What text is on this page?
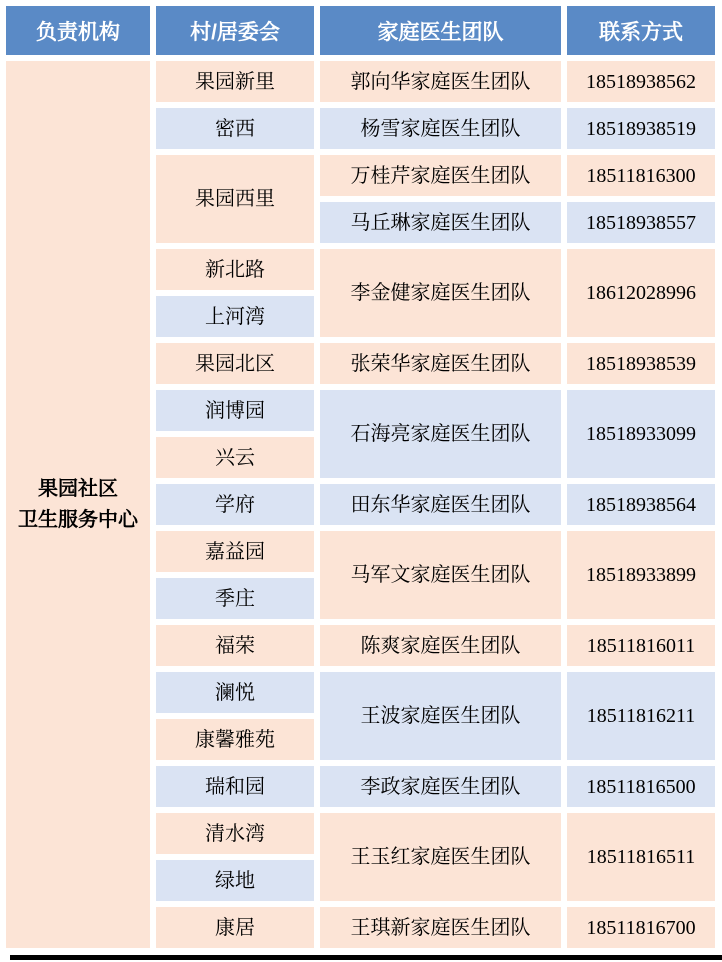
负责机构	村/居委会	家庭医生团队	联系方式

果园社区
卫生服务中心	果园新里	郭向华家庭医生团队	18518938562
	密西	杨雪家庭医生团队	18518938519
	果园西里	万桂芹家庭医生团队	18511816300
		马丘琳家庭医生团队	18518938557
	新北路	李金健家庭医生团队	18612028996
	上河湾		
	果园北区	张荣华家庭医生团队	18518938539
	润博园	石海亮家庭医生团队	18518933099
	兴云		
	学府	田东华家庭医生团队	18518938564
	嘉益园	马军文家庭医生团队	18518933899
	季庄		
	福荣	陈爽家庭医生团队	18511816011
	澜悦	王波家庭医生团队	18511816211
	康馨雅苑		
	瑞和园	李政家庭医生团队	18511816500
	清水湾	王玉红家庭医生团队	18511816511
	绿地		
	康居	王琪新家庭医生团队	18511816700
